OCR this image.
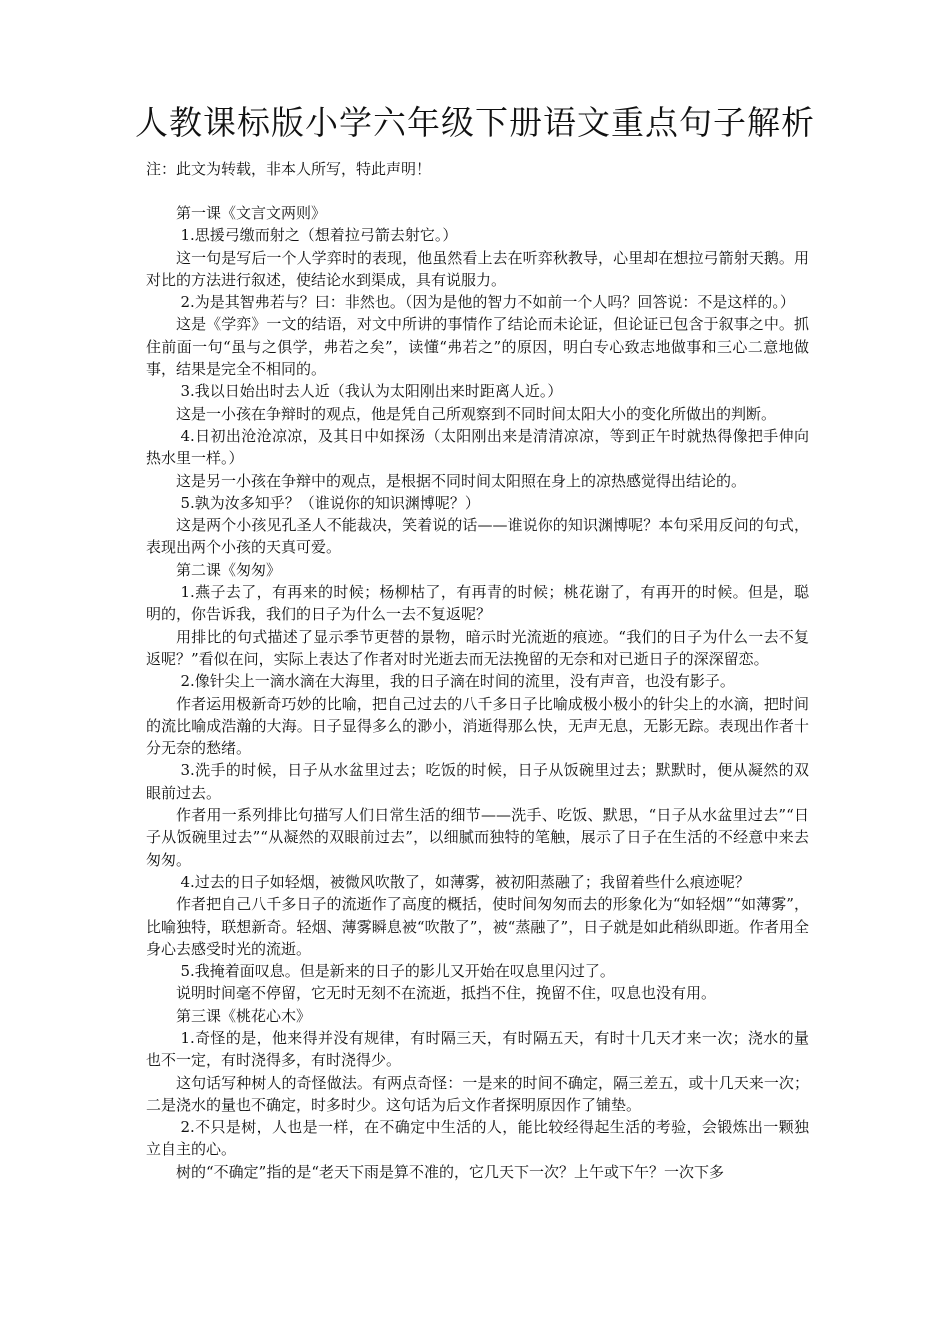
人教课标版小学六年级下册语文重点句子解析

注：此文为转载，非本人所写，特此声明！

第一课《文言文两则》

1.思援弓缴而射之（想着拉弓箭去射它。）

这一句是写后一个人学弈时的表现，他虽然看上去在听弈秋教导，心里却在想拉弓箭射天鹅。用对比的方法进行叙述，使结论水到渠成，具有说服力。

2.为是其智弗若与？曰：非然也。（因为是他的智力不如前一个人吗？回答说：不是这样的。）

这是《学弈》一文的结语，对文中所讲的事情作了结论而未论证，但论证已包含于叙事之中。抓住前面一句“虽与之俱学，弗若之矣”，读懂“弗若之”的原因，明白专心致志地做事和三心二意地做事，结果是完全不相同的。

3.我以日始出时去人近（我认为太阳刚出来时距离人近。）

这是一小孩在争辩时的观点，他是凭自己所观察到不同时间太阳大小的变化所做出的判断。

4.日初出沧沧凉凉，及其日中如探汤（太阳刚出来是清清凉凉，等到正午时就热得像把手伸向热水里一样。）

这是另一小孩在争辩中的观点，是根据不同时间太阳照在身上的凉热感觉得出结论的。

5.孰为汝多知乎？（谁说你的知识渊博呢？）

这是两个小孩见孔圣人不能裁决，笑着说的话——谁说你的知识渊博呢？本句采用反问的句式，表现出两个小孩的天真可爱。

第二课《匆匆》

1.燕子去了，有再来的时候；杨柳枯了，有再青的时候；桃花谢了，有再开的时候。但是，聪明的，你告诉我，我们的日子为什么一去不复返呢？

用排比的句式描述了显示季节更替的景物，暗示时光流逝的痕迹。“我们的日子为什么一去不复返呢？”看似在问，实际上表达了作者对时光逝去而无法挽留的无奈和对已逝日子的深深留恋。

2.像针尖上一滴水滴在大海里，我的日子滴在时间的流里，没有声音，也没有影子。

作者运用极新奇巧妙的比喻，把自己过去的八千多日子比喻成极小极小的针尖上的水滴，把时间的流比喻成浩瀚的大海。日子显得多么的渺小，消逝得那么快，无声无息，无影无踪。表现出作者十分无奈的愁绪。

3.洗手的时候，日子从水盆里过去；吃饭的时候，日子从饭碗里过去；默默时，便从凝然的双眼前过去。

作者用一系列排比句描写人们日常生活的细节——洗手、吃饭、默思，“日子从水盆里过去”“日子从饭碗里过去”“从凝然的双眼前过去”，以细腻而独特的笔触，展示了日子在生活的不经意中来去匆匆。

4.过去的日子如轻烟，被微风吹散了，如薄雾，被初阳蒸融了；我留着些什么痕迹呢？

作者把自己八千多日子的流逝作了高度的概括，使时间匆匆而去的形象化为“如轻烟”“如薄雾”，比喻独特，联想新奇。轻烟、薄雾瞬息被“吹散了”，被“蒸融了”，日子就是如此稍纵即逝。作者用全身心去感受时光的流逝。

5.我掩着面叹息。但是新来的日子的影儿又开始在叹息里闪过了。

说明时间毫不停留，它无时无刻不在流逝，抵挡不住，挽留不住，叹息也没有用。

第三课《桃花心木》

1.奇怪的是，他来得并没有规律，有时隔三天，有时隔五天，有时十几天才来一次；浇水的量也不一定，有时浇得多，有时浇得少。

这句话写种树人的奇怪做法。有两点奇怪：一是来的时间不确定，隔三差五，或十几天来一次；二是浇水的量也不确定，时多时少。这句话为后文作者探明原因作了铺垫。

2.不只是树，人也是一样，在不确定中生活的人，能比较经得起生活的考验，会锻炼出一颗独立自主的心。

树的“不确定”指的是“老天下雨是算不准的，它几天下一次？上午或下午？一次下多
